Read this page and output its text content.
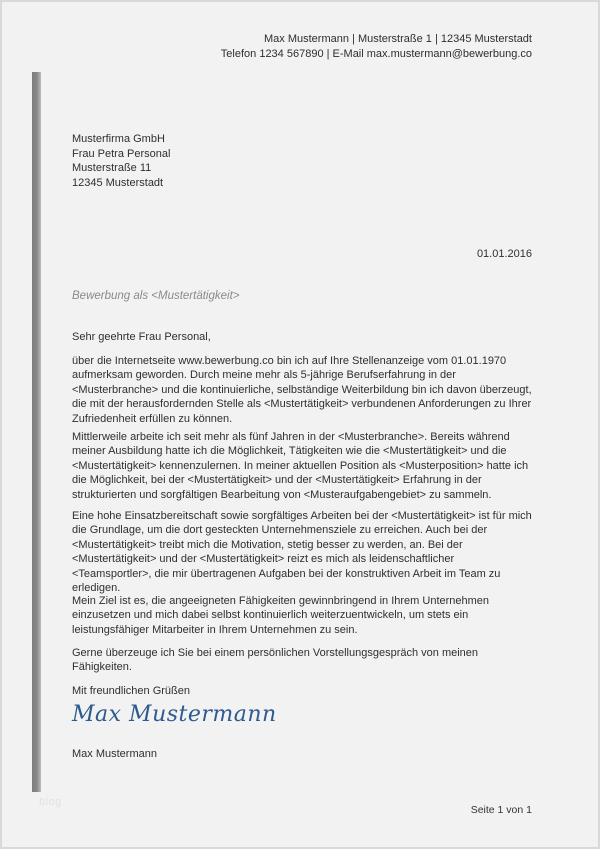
Max Mustermann | Musterstraße 1 | 12345 Musterstadt
Telefon 1234 567890 | E-Mail max.mustermann@bewerbung.co
Musterfirma GmbH
Frau Petra Personal
Musterstraße 11
12345 Musterstadt
01.01.2016
Bewerbung als <Mustertätigkeit>
Sehr geehrte Frau Personal,
über die Internetseite www.bewerbung.co bin ich auf Ihre Stellenanzeige vom 01.01.1970 aufmerksam geworden. Durch meine mehr als 5-jährige Berufserfahrung in der <Musterbranche> und die kontinuierliche, selbständige Weiterbildung bin ich davon überzeugt, die mit der herausfordernden Stelle als <Mustertätigkeit> verbundenen Anforderungen zu Ihrer Zufriedenheit erfüllen zu können.
Mittlerweile arbeite ich seit mehr als fünf Jahren in der <Musterbranche>. Bereits während meiner Ausbildung hatte ich die Möglichkeit, Tätigkeiten wie die <Mustertätigkeit> und die <Mustertätigkeit> kennenzulernen. In meiner aktuellen Position als <Musterposition> hatte ich die Möglichkeit, bei der <Mustertätigkeit> und der <Mustertätigkeit> Erfahrung in der strukturierten und sorgfältigen Bearbeitung von <Musteraufgabengebiet> zu sammeln.
Eine hohe Einsatzbereitschaft sowie sorgfältiges Arbeiten bei der <Mustertätigkeit> ist für mich die Grundlage, um die dort gesteckten Unternehmensziele zu erreichen. Auch bei der <Mustertätigkeit> treibt mich die Motivation, stetig besser zu werden, an. Bei der <Mustertätigkeit> und der <Mustertätigkeit> reizt es mich als leidenschaftlicher <Teamsportler>, die mir übertragenen Aufgaben bei der konstruktiven Arbeit im Team zu erledigen.
Mein Ziel ist es, die angeeigneten Fähigkeiten gewinnbringend in Ihrem Unternehmen einzusetzen und mich dabei selbst kontinuierlich weiterzuentwickeln, um stets ein leistungsfähiger Mitarbeiter in Ihrem Unternehmen zu sein.
Gerne überzeuge ich Sie bei einem persönlichen Vorstellungsgespräch von meinen Fähigkeiten.
Mit freundlichen Grüßen
Max Mustermann
Max Mustermann
blog
Seite 1 von 1
